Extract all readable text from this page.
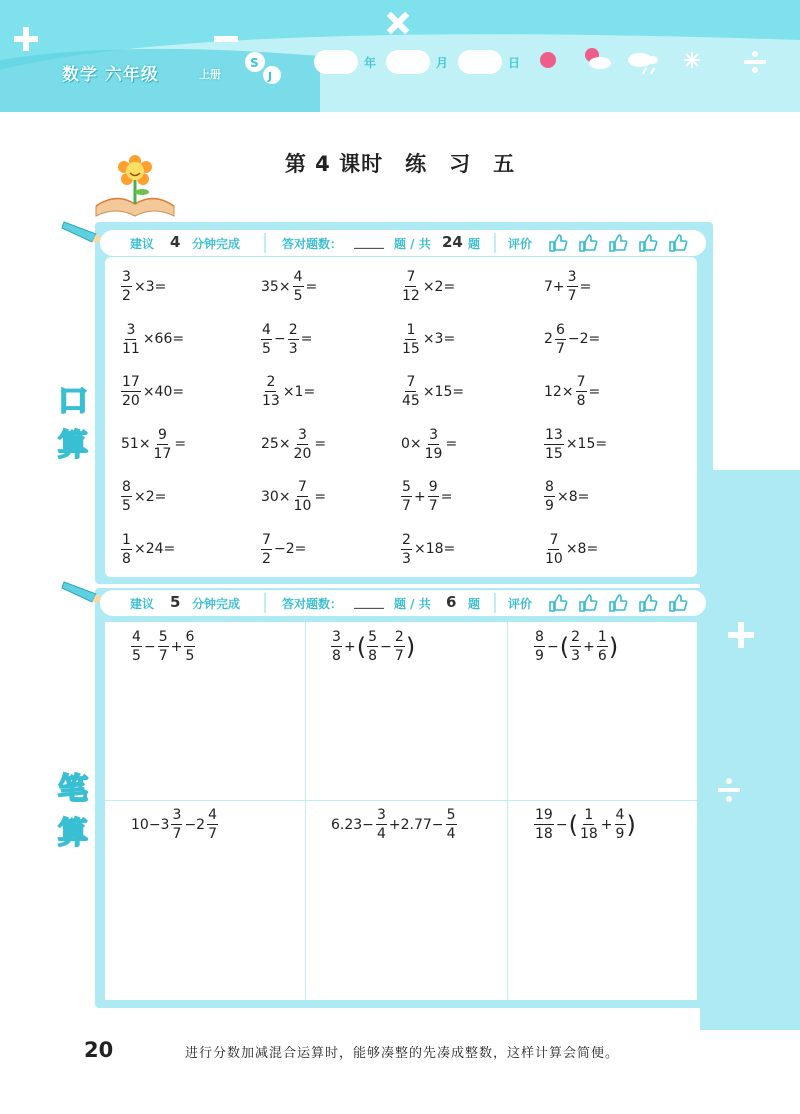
S
J
数学 六年级	上册
年	月	日
第 4 课时　练　习　五
口
算
笔
算
建议 4 分钟完成	答对题数： _____ 题 / 共 24 题 评价
建议 5 分钟完成	答对题数： _____ 题 / 共 6 题 评价
$\frac{3}{2} \times 3=$	$35\times \frac{4}{5}$ =	$\frac{7}{12} \times 2=$	$7+ \frac{3}{7}$ =
$\frac{3}{11} \times 66=$	$\frac{4}{5} - \frac{2}{3}$ =	$\frac{1}{15} \times 3=$	$2 \frac{6}{7} -2=$
$\frac{17}{20} \times 40=$	$\frac{2}{13} \times 1=$	$\frac{7}{45} \times 15=$	$12\times \frac{7}{8}$ =
$51\times \frac{9}{17}$ =	$25\times \frac{3}{20}$ =	$0\times \frac{3}{19}$ =	$\frac{13}{15} \times 15=$
$\frac{8}{5} \times 2=$	$30\times \frac{7}{10}$ =	$\frac{5}{7} + \frac{9}{7}$ =	$\frac{8}{9} \times 8=$
$\frac{1}{8} \times 24=$	$\frac{7}{2} -2=$	$\frac{2}{3} \times 18=$	$\frac{7}{10} \times 8=$
$\frac{4}{5} - \frac{5}{7} + \frac{6}{5}$	$\frac{3}{8}$ + ( $\frac{5}{8} - \frac{2}{7}$ )	$\frac{8}{9}$ − ( $\frac{2}{3} + \frac{1}{6}$ )
$10-3 \frac{3}{7} -2 \frac{4}{7}$	$6.23- \frac{3}{4} +2.77- \frac{5}{4}$	$\frac{19}{18}$ − ( $\frac{1}{18} + \frac{4}{9}$ )
20	进行分数加减混合运算时，能够凑整的先凑成整数，这样计算会简便。
